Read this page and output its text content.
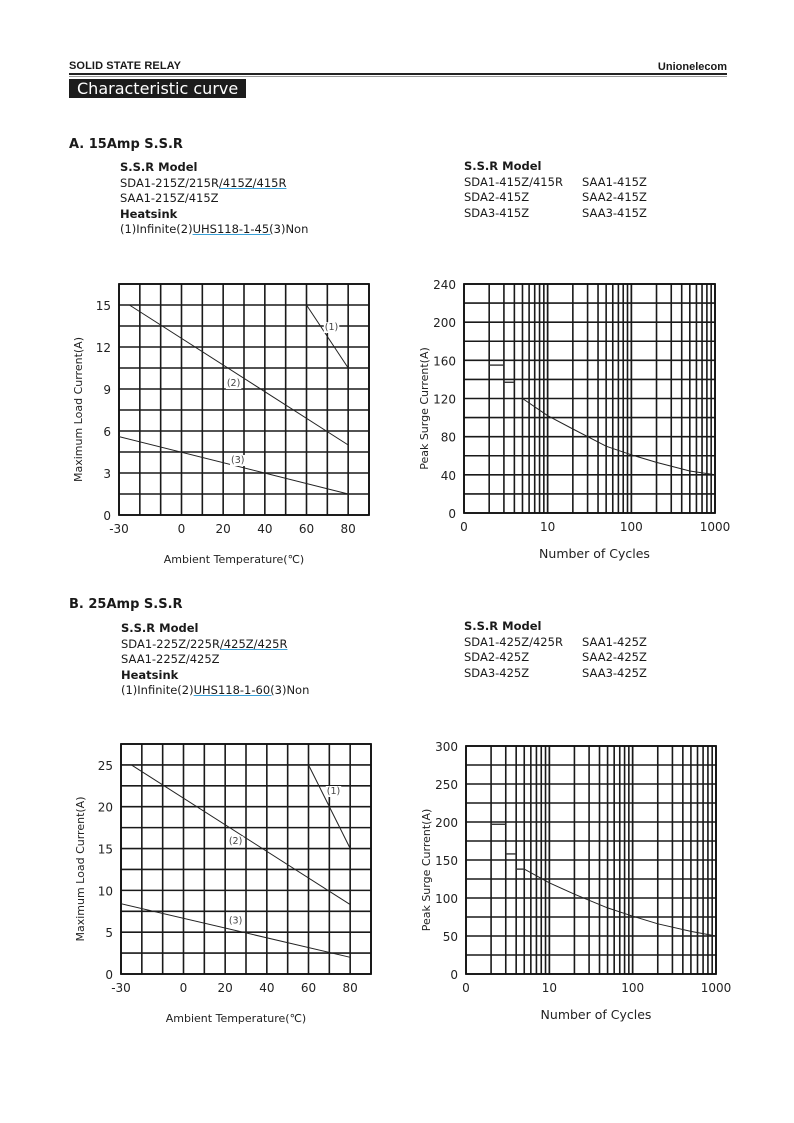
SOLID STATE RELAY	Unionelecom
Characteristic curve
A. 15Amp S.S.R
S.S.R Model
SDA1-215Z/215R/415Z/415R
SAA1-215Z/415Z
Heatsink
(1)Infinite(2)UHS118-1-45(3)Non
S.S.R Model
SDA1-415Z/415R	SAA1-415Z
SDA2-415Z	SAA2-415Z
SDA3-415Z	SAA3-415Z
B. 25Amp S.S.R
S.S.R Model
SDA1-225Z/225R/425Z/425R
SAA1-225Z/425Z
Heatsink
(1)Infinite(2)UHS118-1-60(3)Non
S.S.R Model
SDA1-425Z/425R	SAA1-425Z
SDA2-425Z	SAA2-425Z
SDA3-425Z	SAA3-425Z
0
3
6
9
12
15
-30	0	20 40 60 80
Ambient Temperature(℃)
Maximum Load Current(A)
(1)
(2)
(3)
0
40
80
120
160
200
240
0	10	100	1000
Number of Cycles
Peak Surge Current(A)
0
5
10
15
20
25
-30	0	20 40 60 80
Ambient Temperature(℃)
Maximum Load Current(A)
(1)
(2)
(3)
0
50
100
150
200
250
300
0	10	100	1000
Number of Cycles
Peak Surge Current(A)
